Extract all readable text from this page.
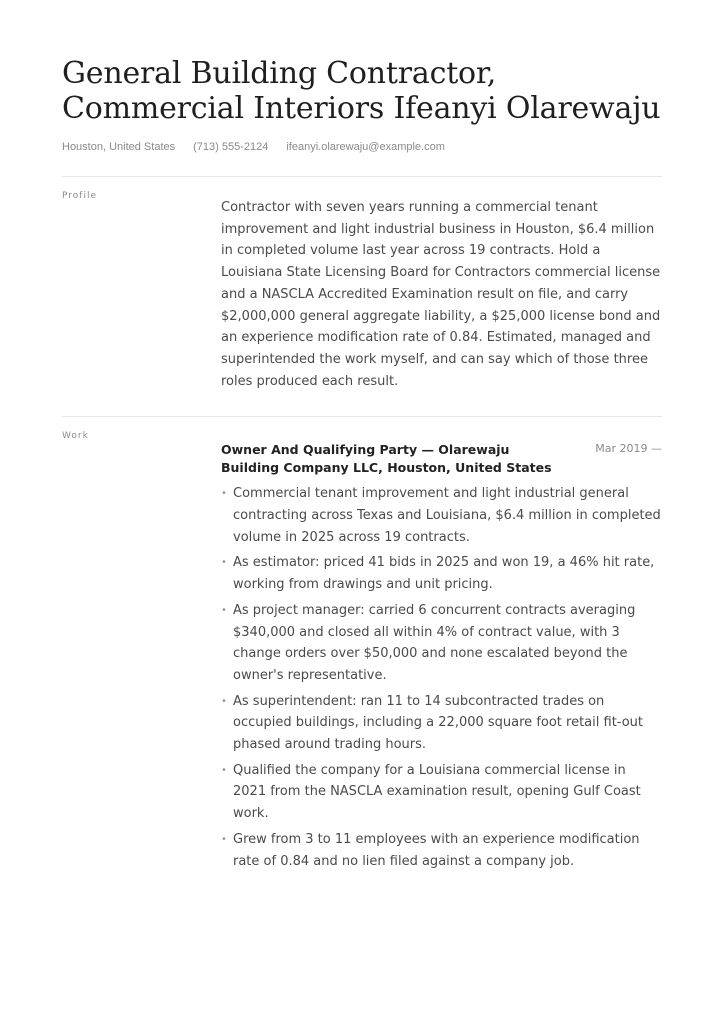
General Building Contractor, Commercial Interiors Ifeanyi Olarewaju
Houston, United States (713) 555-2124 ifeanyi.olarewaju@example.com
Profile

Contractor with seven years running a commercial tenant improvement and light industrial business in Houston, $6.4 million in completed volume last year across 19 contracts. Hold a Louisiana State Licensing Board for Contractors commercial license and a NASCLA Accredited Examination result on file, and carry $2,000,000 general aggregate liability, a $25,000 license bond and an experience modification rate of 0.84. Estimated, managed and superintended the work myself, and can say which of those three roles produced each result.

Work
Owner And Qualifying Party — Olarewaju Building Company LLC, Houston, United States
Mar 2019 —
• Commercial tenant improvement and light industrial general contracting across Texas and Louisiana, $6.4 million in completed volume in 2025 across 19 contracts.
• As estimator: priced 41 bids in 2025 and won 19, a 46% hit rate, working from drawings and unit pricing.
• As project manager: carried 6 concurrent contracts averaging $340,000 and closed all within 4% of contract value, with 3 change orders over $50,000 and none escalated beyond the owner's representative.
• As superintendent: ran 11 to 14 subcontracted trades on occupied buildings, including a 22,000 square foot retail fit-out phased around trading hours.
• Qualified the company for a Louisiana commercial license in 2021 from the NASCLA examination result, opening Gulf Coast work.
• Grew from 3 to 11 employees with an experience modification rate of 0.84 and no lien filed against a company job.
